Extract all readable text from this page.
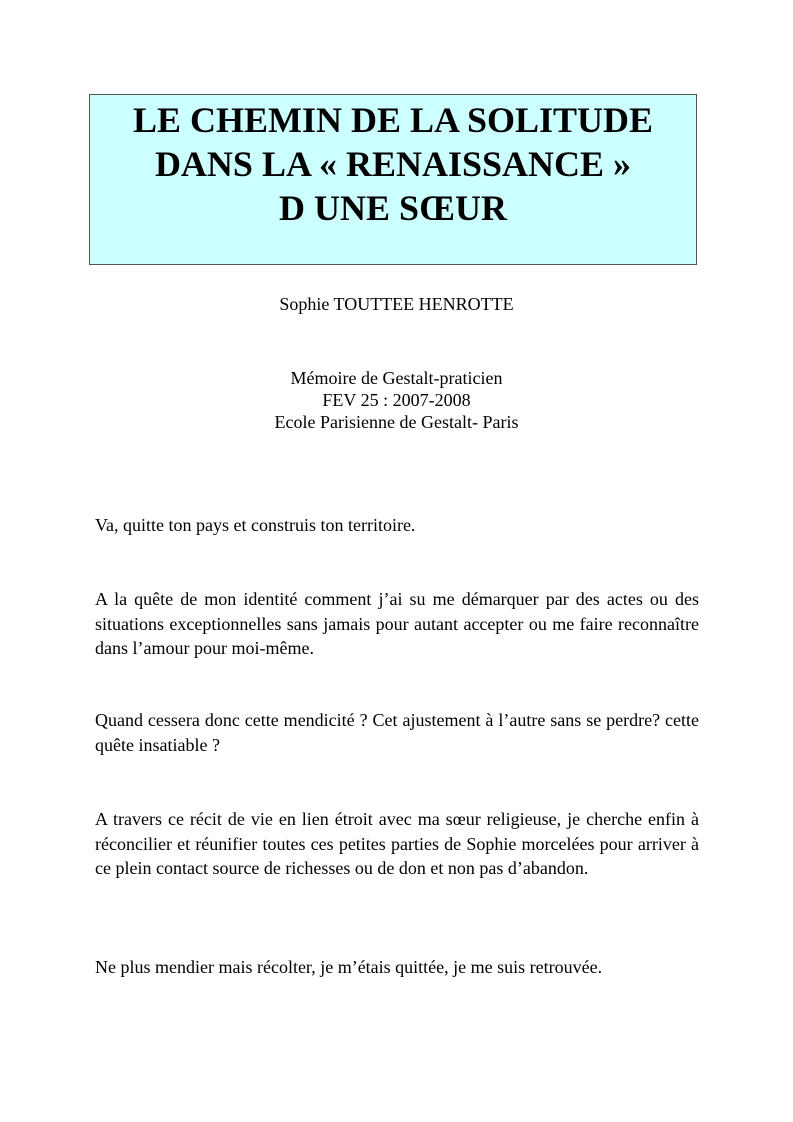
LE CHEMIN DE LA SOLITUDE
DANS LA « RENAISSANCE »
D UNE SŒUR
Sophie TOUTTEE HENROTTE
Mémoire de Gestalt-praticien
FEV 25 : 2007-2008
Ecole Parisienne de Gestalt- Paris

Va, quitte ton pays et construis ton territoire.

A la quête de mon identité comment j’ai su me démarquer par des actes ou des situations exceptionnelles sans jamais pour autant accepter ou me faire reconnaître dans l’amour pour moi-même.

Quand cessera donc cette mendicité ? Cet ajustement à l’autre sans se perdre? cette quête insatiable ?

A travers ce récit de vie en lien étroit avec ma sœur religieuse, je cherche enfin à réconcilier et réunifier toutes ces petites parties de Sophie morcelées pour arriver à ce plein contact source de richesses ou de don et non pas d’abandon.

Ne plus mendier mais récolter, je m’étais quittée, je me suis retrouvée.
